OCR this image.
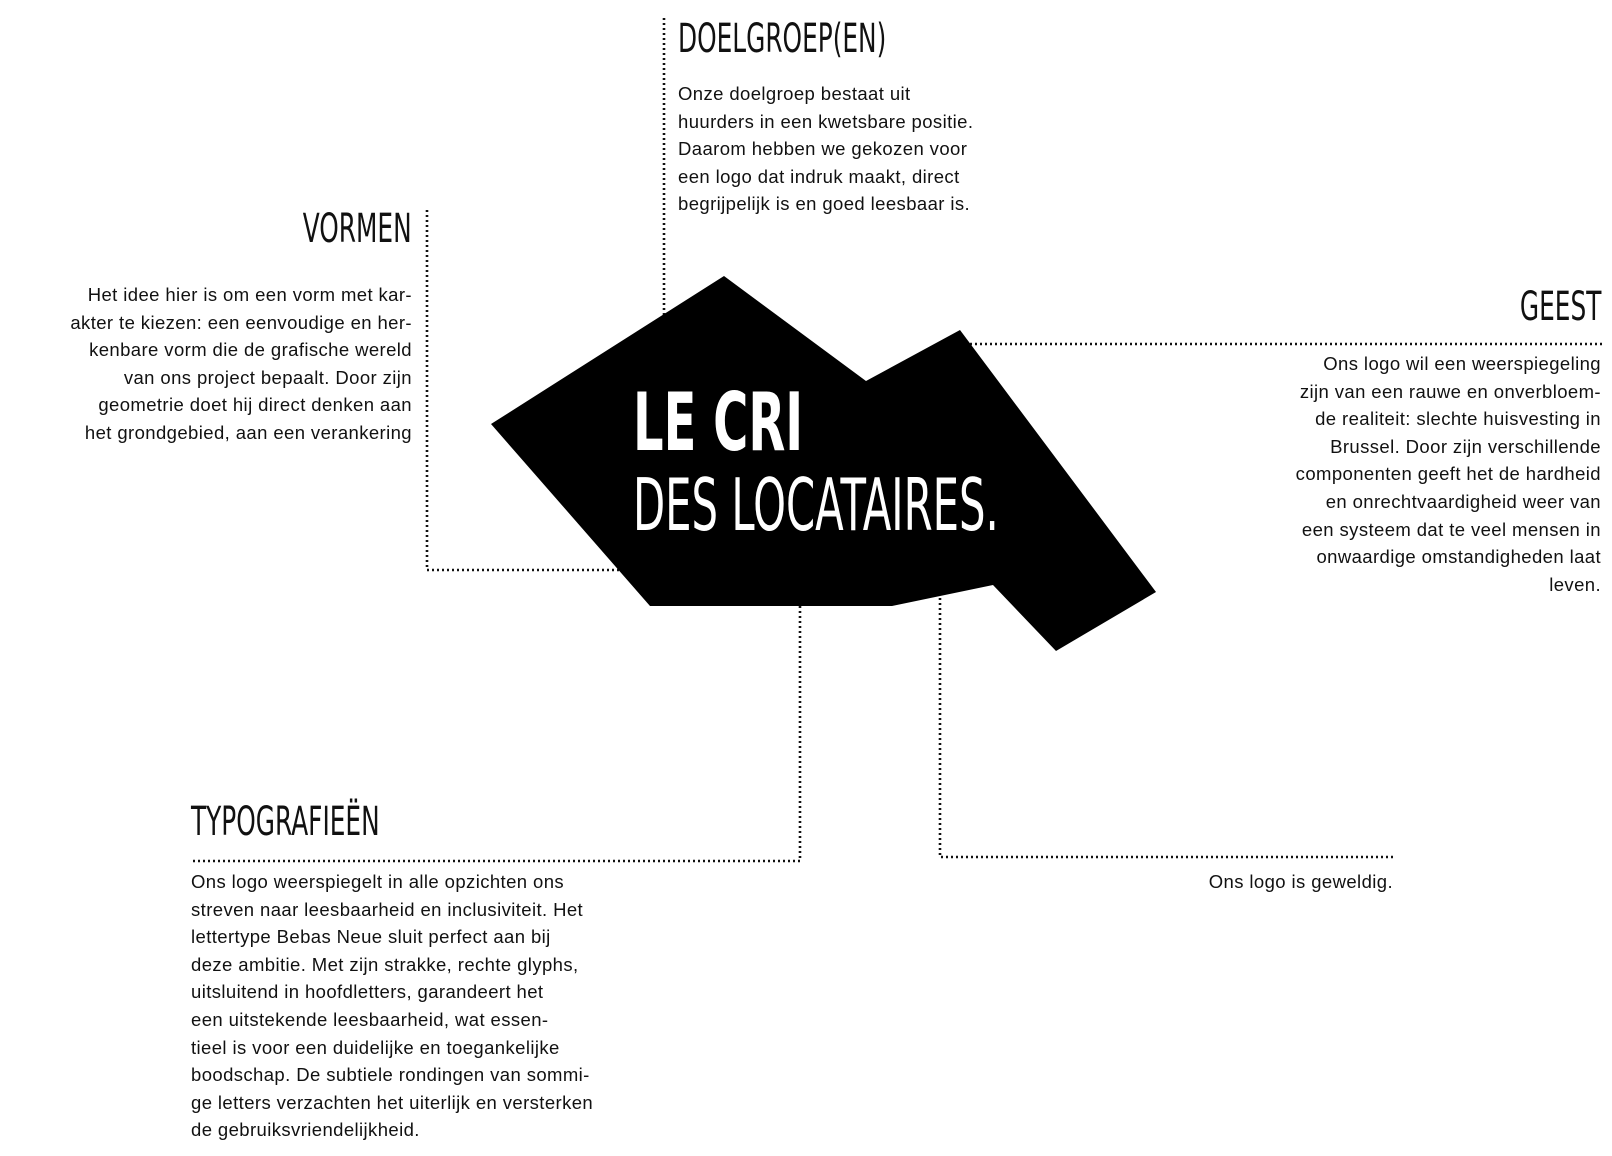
LE CRI
DES LOCATAIRES.
DOELGROEP(EN)
Onze doelgroep bestaat uit
huurders in een kwetsbare positie.
Daarom hebben we gekozen voor
een logo dat indruk maakt, direct
begrijpelijk is en goed leesbaar is.
VORMEN
Het idee hier is om een vorm met kar-
akter te kiezen: een eenvoudige en her-
kenbare vorm die de grafische wereld
van ons project bepaalt. Door zijn
geometrie doet hij direct denken aan
het grondgebied, aan een verankering
GEEST
Ons logo wil een weerspiegeling
zijn van een rauwe en onverbloem-
de realiteit: slechte huisvesting in
Brussel. Door zijn verschillende
componenten geeft het de hardheid
en onrechtvaardigheid weer van
een systeem dat te veel mensen in
onwaardige omstandigheden laat
leven.
TYPOGRAFIEËN
Ons logo weerspiegelt in alle opzichten ons
streven naar leesbaarheid en inclusiviteit. Het
lettertype Bebas Neue sluit perfect aan bij
deze ambitie. Met zijn strakke, rechte glyphs,
uitsluitend in hoofdletters, garandeert het
een uitstekende leesbaarheid, wat essen-
tieel is voor een duidelijke en toegankelijke
boodschap. De subtiele rondingen van sommi-
ge letters verzachten het uiterlijk en versterken
de gebruiksvriendelijkheid.
Ons logo is geweldig.
